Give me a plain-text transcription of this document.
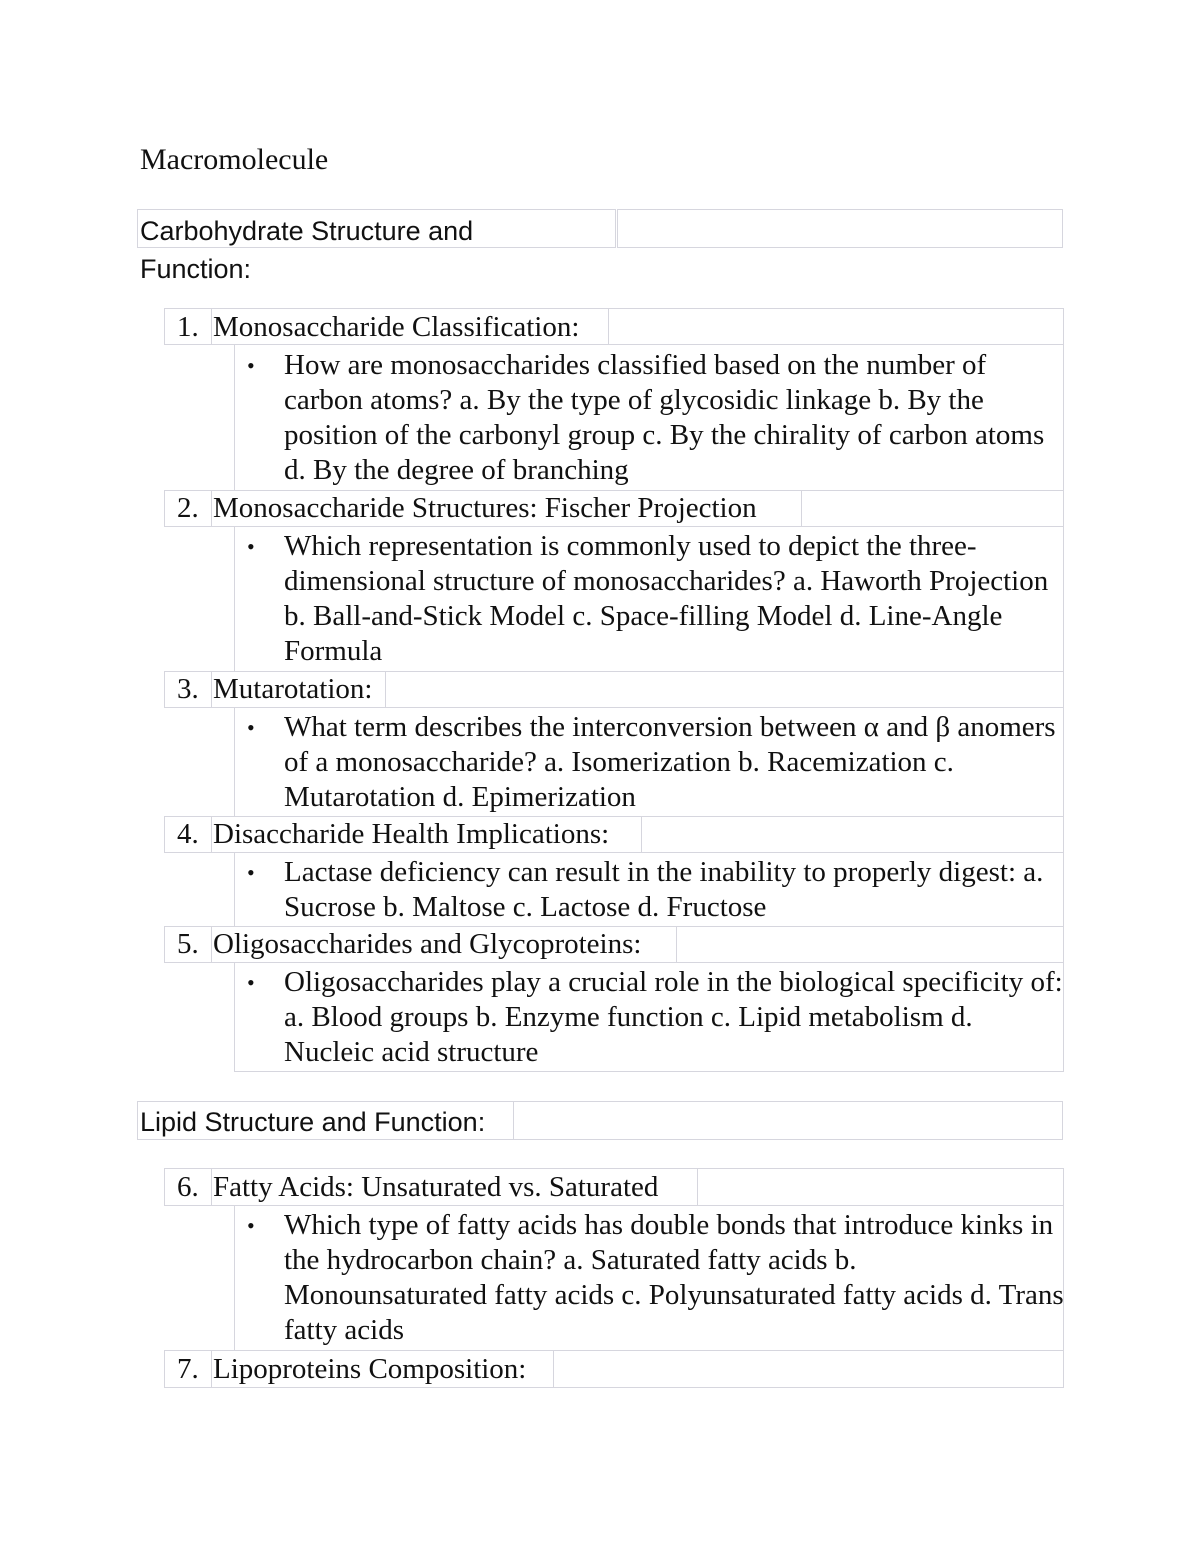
Macromolecule
Carbohydrate Structure and
Function:
1. Monosaccharide Classification:
• How are monosaccharides classified based on the number of carbon atoms? a. By the type of glycosidic linkage b. By the position of the carbonyl group c. By the chirality of carbon atoms d. By the degree of branching
2. Monosaccharide Structures: Fischer Projection
• Which representation is commonly used to depict the three-dimensional structure of monosaccharides? a. Haworth Projection b. Ball-and-Stick Model c. Space-filling Model d. Line-Angle Formula
3. Mutarotation:
• What term describes the interconversion between α and β anomers of a monosaccharide? a. Isomerization b. Racemization c. Mutarotation d. Epimerization
4. Disaccharide Health Implications:
• Lactase deficiency can result in the inability to properly digest: a. Sucrose b. Maltose c. Lactose d. Fructose
5. Oligosaccharides and Glycoproteins:
• Oligosaccharides play a crucial role in the biological specificity of: a. Blood groups b. Enzyme function c. Lipid metabolism d. Nucleic acid structure
Lipid Structure and Function:
6. Fatty Acids: Unsaturated vs. Saturated
• Which type of fatty acids has double bonds that introduce kinks in the hydrocarbon chain? a. Saturated fatty acids b. Monounsaturated fatty acids c. Polyunsaturated fatty acids d. Trans fatty acids
7. Lipoproteins Composition:
